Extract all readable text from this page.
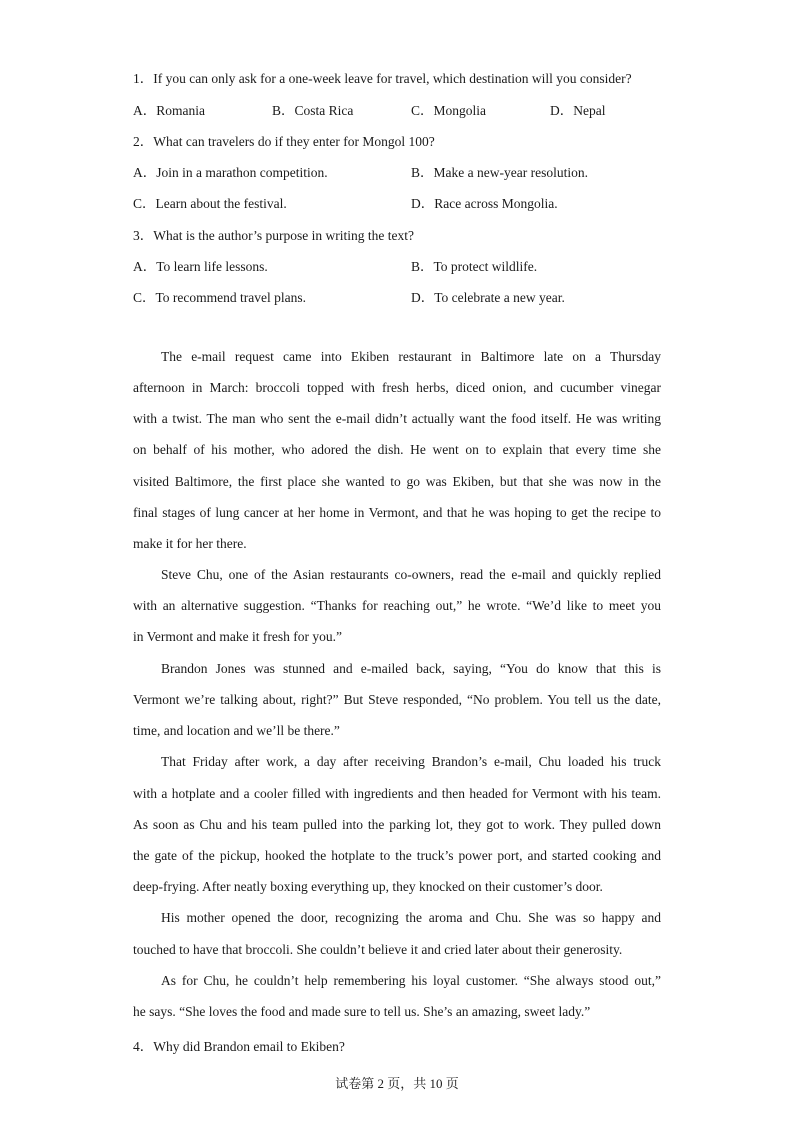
1．If you can only ask for a one-week leave for travel, which destination will you consider?
A．Romania	B．Costa Rica	C．Mongolia	D．Nepal
2．What can travelers do if they enter for Mongol 100?
A．Join in a marathon competition.	B．Make a new-year resolution.
C．Learn about the festival.	D．Race across Mongolia.
3．What is the author’s purpose in writing the text?
A．To learn life lessons.	B．To protect wildlife.
C．To recommend travel plans.	D．To celebrate a new year.
The e-mail request came into Ekiben restaurant in Baltimore late on a Thursday
afternoon in March: broccoli topped with fresh herbs, diced onion, and cucumber vinegar
with a twist. The man who sent the e-mail didn’t actually want the food itself. He was writing
on behalf of his mother, who adored the dish. He went on to explain that every time she
visited Baltimore, the first place she wanted to go was Ekiben, but that she was now in the
final stages of lung cancer at her home in Vermont, and that he was hoping to get the recipe to
make it for her there.
Steve Chu, one of the Asian restaurants co-owners, read the e-mail and quickly replied
with an alternative suggestion. “Thanks for reaching out,” he wrote. “We’d like to meet you
in Vermont and make it fresh for you.”
Brandon Jones was stunned and e-mailed back, saying, “You do know that this is
Vermont we’re talking about, right?” But Steve responded, “No problem. You tell us the date,
time, and location and we’ll be there.”
That Friday after work, a day after receiving Brandon’s e-mail, Chu loaded his truck
with a hotplate and a cooler filled with ingredients and then headed for Vermont with his team.
As soon as Chu and his team pulled into the parking lot, they got to work. They pulled down
the gate of the pickup, hooked the hotplate to the truck’s power port, and started cooking and
deep-frying. After neatly boxing everything up, they knocked on their customer’s door.
His mother opened the door, recognizing the aroma and Chu. She was so happy and
touched to have that broccoli. She couldn’t believe it and cried later about their generosity.
As for Chu, he couldn’t help remembering his loyal customer. “She always stood out,”
he says. “She loves the food and made sure to tell us. She’s an amazing, sweet lady.”
4．Why did Brandon email to Ekiben?
试卷第 2 页，共 10 页
